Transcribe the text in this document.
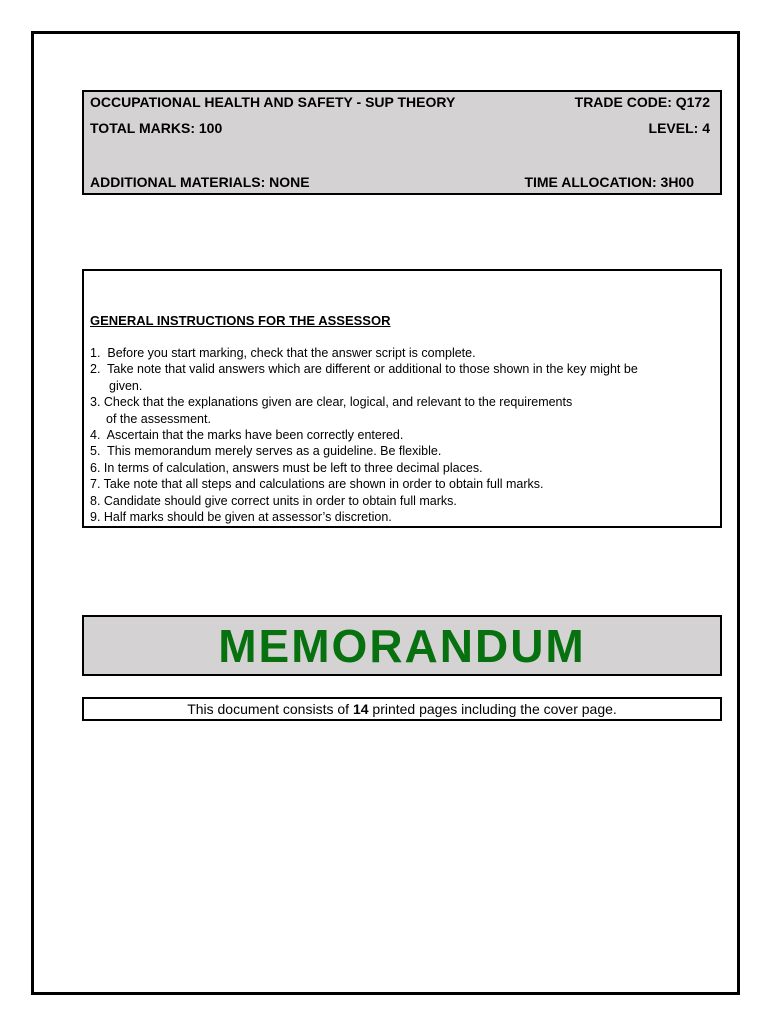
OCCUPATIONAL HEALTH AND SAFETY - SUP THEORY	TRADE CODE: Q172
TOTAL MARKS: 100	LEVEL: 4
ADDITIONAL MATERIALS: NONE	TIME ALLOCATION: 3H00
GENERAL INSTRUCTIONS FOR THE ASSESSOR
1.  Before you start marking, check that the answer script is complete.
2.  Take note that valid answers which are different or additional to those shown in the key might be
given.
3. Check that the explanations given are clear, logical, and relevant to the requirements
of the assessment.
4.  Ascertain that the marks have been correctly entered.
5.  This memorandum merely serves as a guideline. Be flexible.
6. In terms of calculation, answers must be left to three decimal places.
7. Take note that all steps and calculations are shown in order to obtain full marks.
8. Candidate should give correct units in order to obtain full marks.
9. Half marks should be given at assessor’s discretion.
MEMORANDUM
This document consists of 14 printed pages including the cover page.
